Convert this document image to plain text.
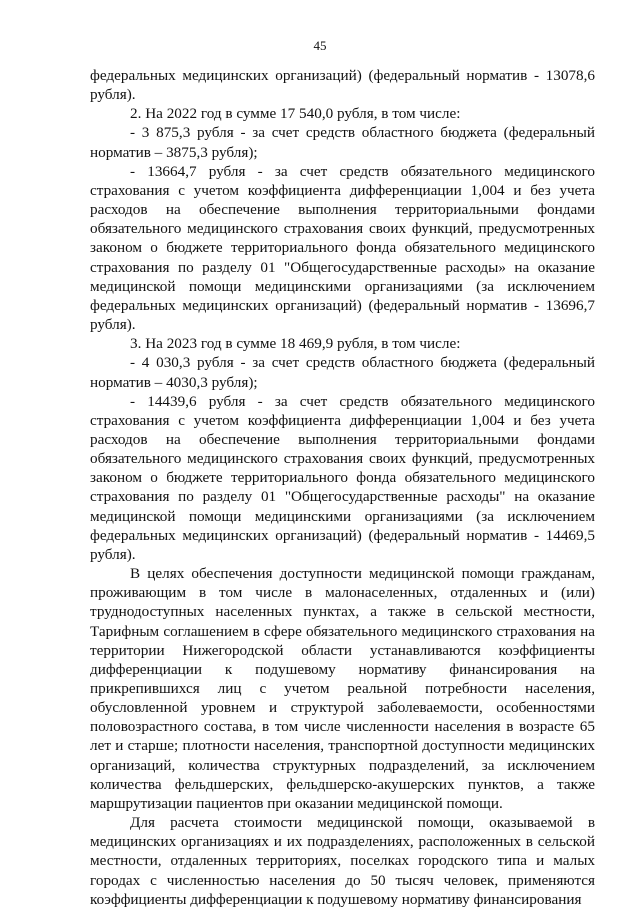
45

федеральных медицинских организаций) (федеральный норматив - 13078,6 рубля).

2. На 2022 год в сумме 17 540,0 рубля, в том числе:

- 3 875,3 рубля - за счет средств областного бюджета (федеральный норматив – 3875,3 рубля);

- 13664,7 рубля - за счет средств обязательного медицинского страхования с учетом коэффициента дифференциации 1,004 и без учета расходов на обеспечение выполнения территориальными фондами обязательного медицинского страхования своих функций, предусмотренных законом о бюджете территориального фонда обязательного медицинского страхования по разделу 01 "Общегосударственные расходы» на оказание медицинской помощи медицинскими организациями (за исключением федеральных медицинских организаций) (федеральный норматив - 13696,7 рубля).

3. На 2023 год в сумме 18 469,9 рубля, в том числе:

- 4 030,3 рубля - за счет средств областного бюджета (федеральный норматив – 4030,3 рубля);

- 14439,6 рубля - за счет средств обязательного медицинского страхования с учетом коэффициента дифференциации 1,004 и без учета расходов на обеспечение выполнения территориальными фондами обязательного медицинского страхования своих функций, предусмотренных законом о бюджете территориального фонда обязательного медицинского страхования по разделу 01 "Общегосударственные расходы" на оказание медицинской помощи медицинскими организациями (за исключением федеральных медицинских организаций) (федеральный норматив - 14469,5 рубля).

В целях обеспечения доступности медицинской помощи гражданам, проживающим в том числе в малонаселенных, отдаленных и (или) труднодоступных населенных пунктах, а также в сельской местности, Тарифным соглашением в сфере обязательного медицинского страхования на территории Нижегородской области устанавливаются коэффициенты дифференциации к подушевому нормативу финансирования на прикрепившихся лиц с учетом реальной потребности населения, обусловленной уровнем и структурой заболеваемости, особенностями половозрастного состава, в том числе численности населения в возрасте 65 лет и старше; плотности населения, транспортной доступности медицинских организаций, количества структурных подразделений, за исключением количества фельдшерских, фельдшерско-акушерских пунктов, а также маршрутизации пациентов при оказании медицинской помощи.

Для расчета стоимости медицинской помощи, оказываемой в медицинских организациях и их подразделениях, расположенных в сельской местности, отдаленных территориях, поселках городского типа и малых городах с численностью населения до 50 тысяч человек, применяются коэффициенты дифференциации к подушевому нормативу финансирования
